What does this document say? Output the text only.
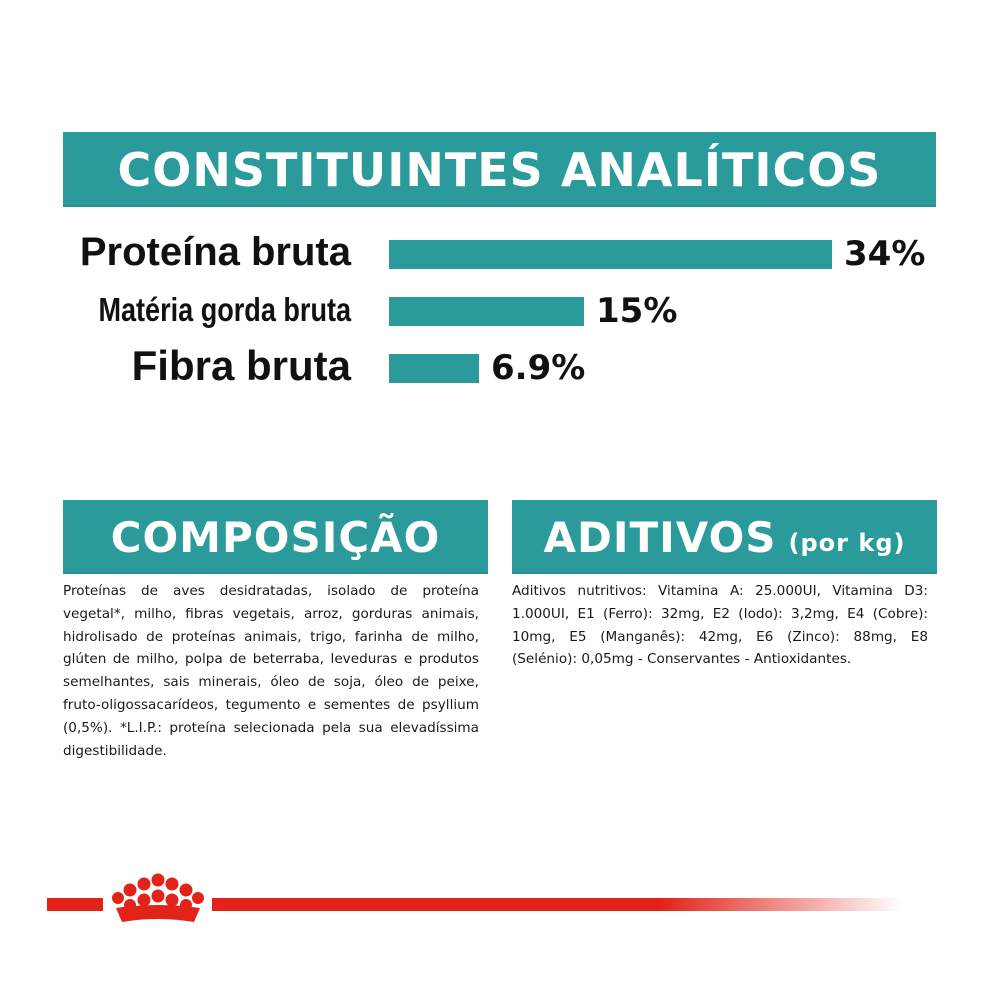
CONSTITUINTES ANALÍTICOS
Proteína bruta	34%
Matéria gorda bruta	15%
Fibra bruta	6.9%
COMPOSIÇÃO
Proteínas de aves desidratadas, isolado de proteína vegetal*, milho, fibras vegetais, arroz, gorduras animais, hidrolisado de proteínas animais, trigo, farinha de milho, glúten de milho, polpa de beterraba, leveduras e produtos semelhantes, sais minerais, óleo de soja, óleo de peixe, fruto-oligossacarídeos, tegumento e sementes de psyllium (0,5%). *L.I.P.: proteína selecionada pela sua elevadíssima digestibilidade.
ADITIVOS (por kg)
Aditivos nutritivos: Vitamina A: 25.000UI, Vitamina D3: 1.000UI, E1 (Ferro): 32mg, E2 (Iodo): 3,2mg, E4 (Cobre): 10mg, E5 (Manganês): 42mg, E6 (Zinco): 88mg, E8 (Selénio): 0,05mg - Conservantes - Antioxidantes.
